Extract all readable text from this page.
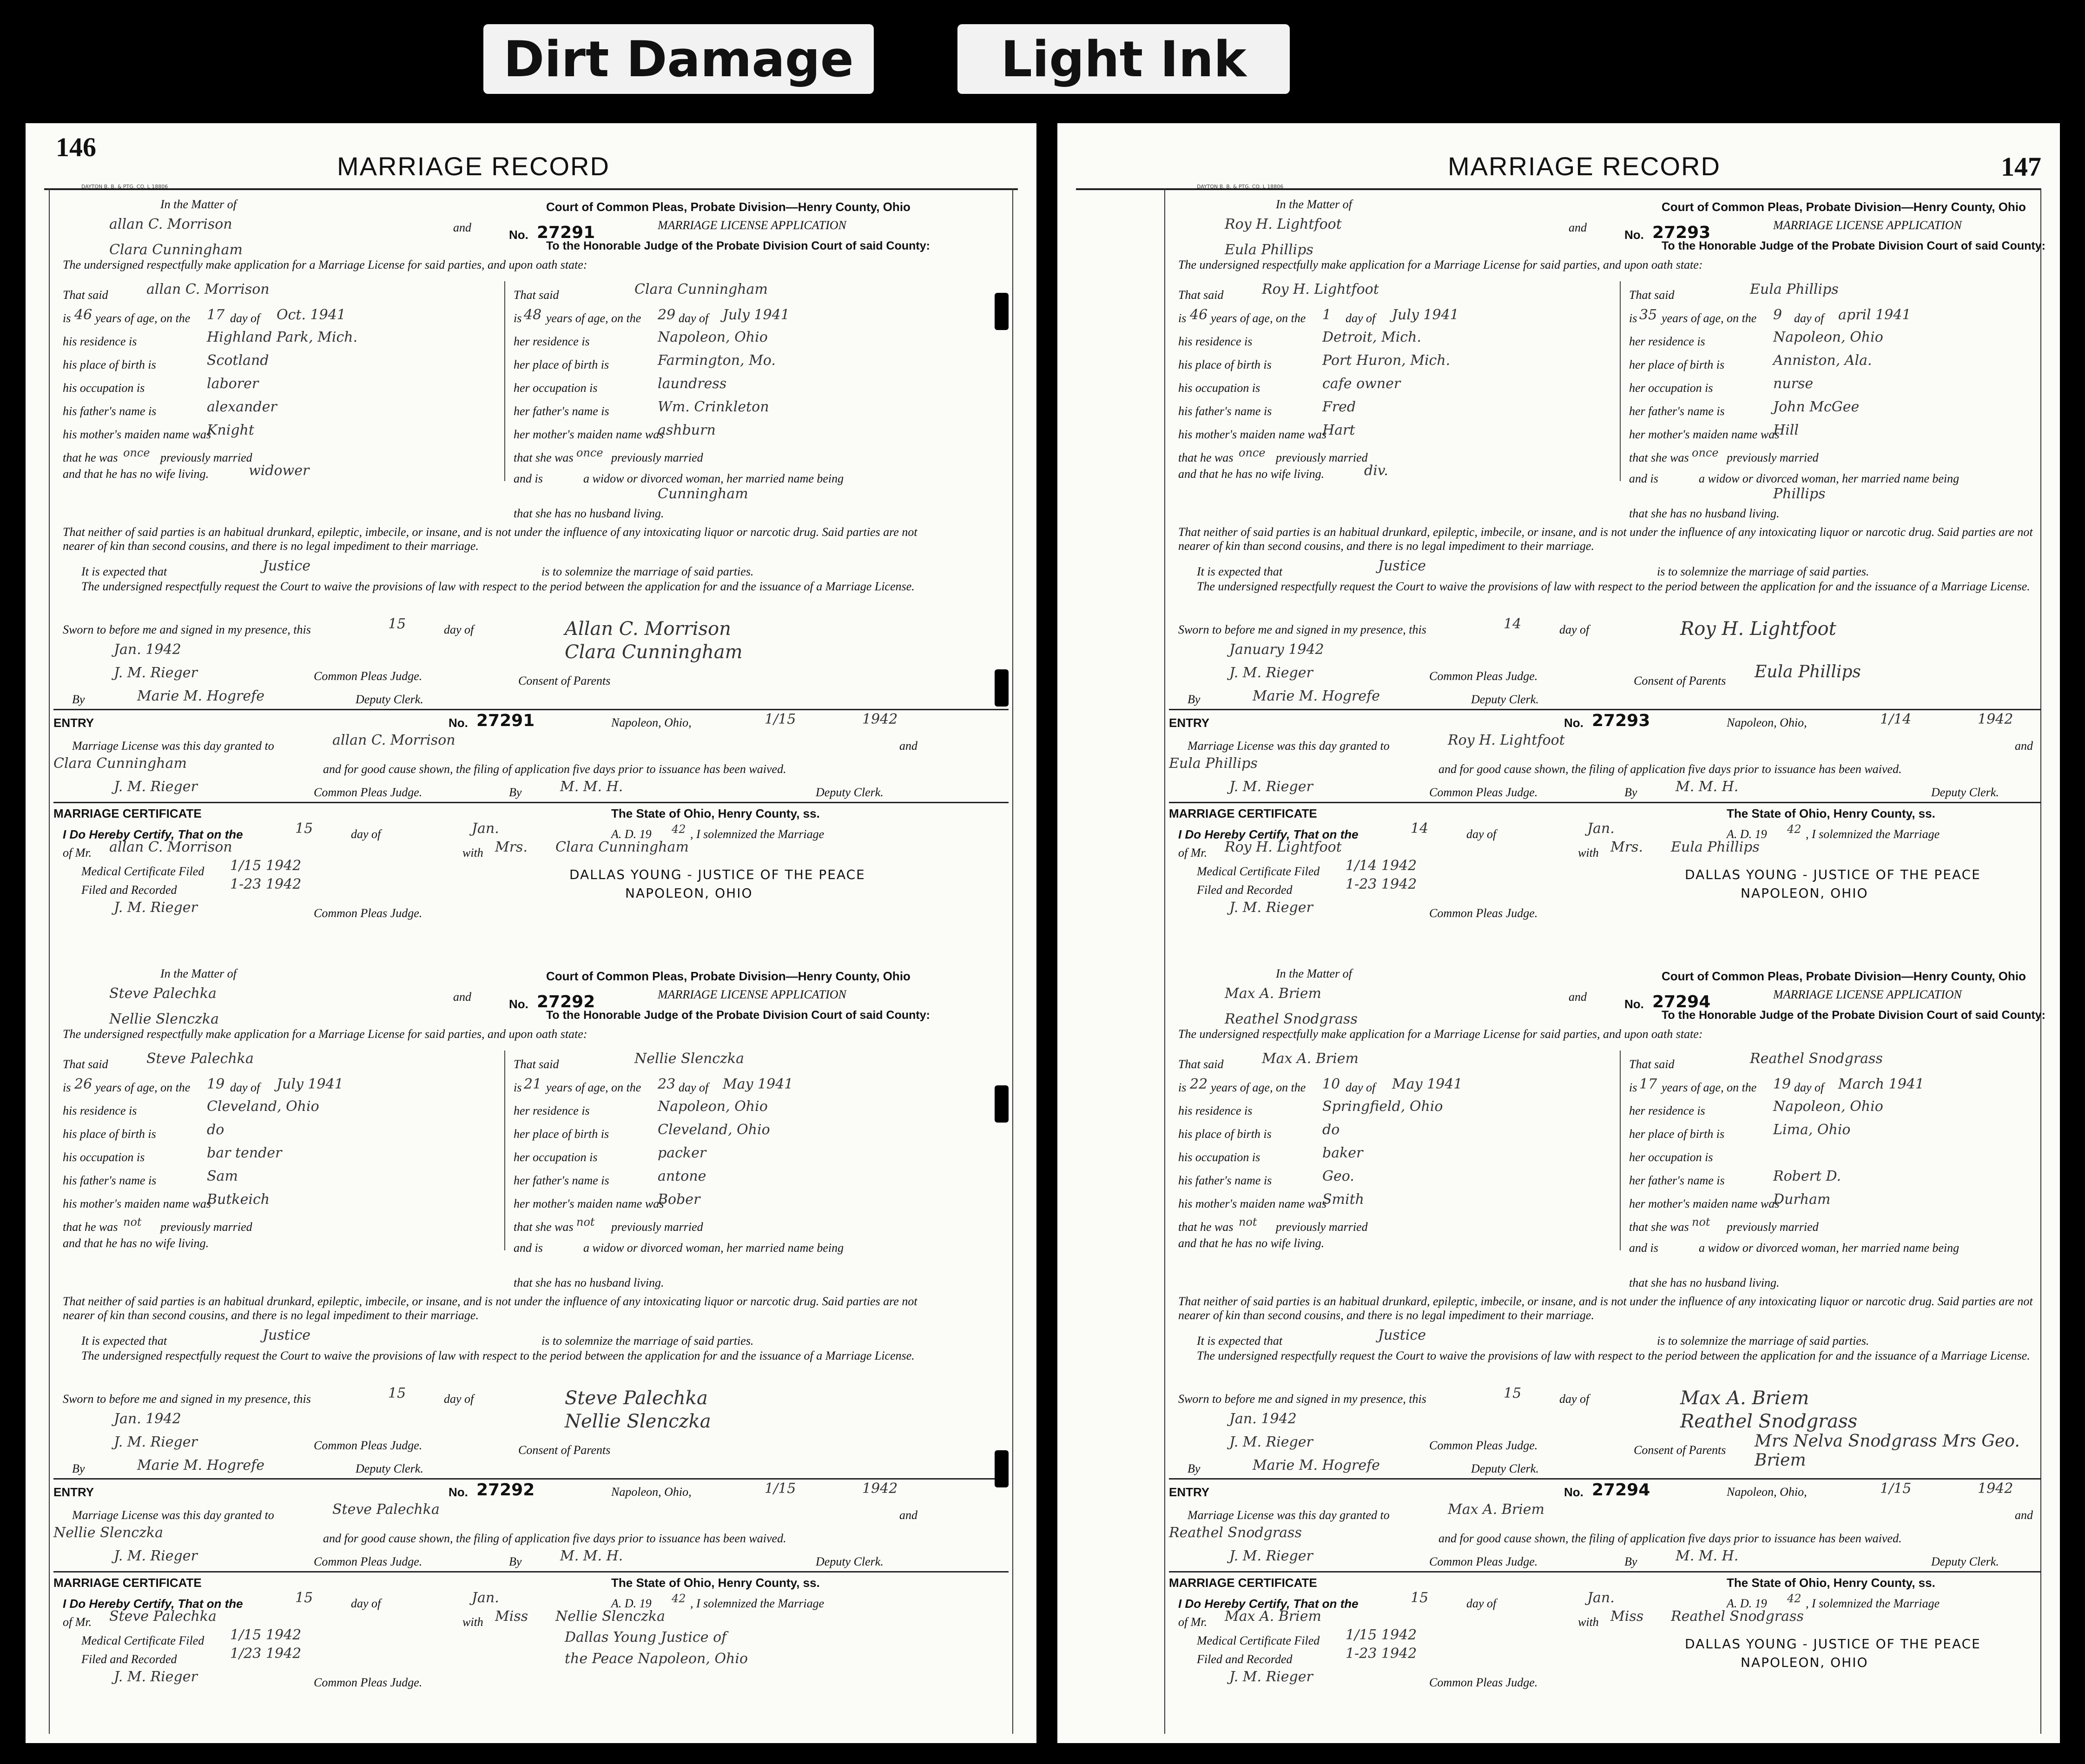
Dirt Damage	Light Ink
146
MARRIAGE RECORD
DAYTON B. B. & PTG. CO. L 18806
In the Matter of
allan C. Morrison	and
Clara Cunningham
No. 27291
Court of Common Pleas, Probate Division—Henry County, Ohio
MARRIAGE LICENSE APPLICATION
To the Honorable Judge of the Probate Division Court of said County:
The undersigned respectfully make application for a Marriage License for said parties, and upon oath state:
That said	allan C. Morrison
is 46 years of age, on the	17 day of	Oct. 1941
his residence is	Highland Park, Mich.
his place of birth is	Scotland
his occupation is	laborer
his father's name is	alexander
his mother's maiden name was
Knight
that he was once previously married
and that he has no wife living.	widower
That said	Clara Cunningham
is 48 years of age, on the	29 day of	July 1941
her residence is	Napoleon, Ohio
her place of birth is	Farmington, Mo.
her occupation is	laundress
her father's name is	Wm. Crinkleton
her mother's maiden name was
ashburn
that she was once previously married
and is	a widow or divorced woman, her married name being
Cunningham
that she has no husband living.
That neither of said parties is an habitual drunkard, epileptic, imbecile, or insane, and is not under the influence of any intoxicating liquor or narcotic drug. Said parties are not nearer of kin than second cousins, and there is no legal impediment to their marriage.
It is expected that	Justice	is to solemnize the marriage of said parties.
The undersigned respectfully request the Court to waive the provisions of law with respect to the period between the application for and the issuance of a Marriage License.
Sworn to before me and signed in my presence, this	15	day of
Jan. 1942
J. M. Rieger	Common Pleas Judge.
Marie M. Hogrefe
By	Deputy Clerk.
Allan C. Morrison
Clara Cunningham
Consent of Parents
ENTRY	No. 27291	Napoleon, Ohio,	1/15	1942
Marriage License was this day granted to	allan C. Morrison	and
Clara Cunningham	and for good cause shown, the filing of application five days prior to issuance has been waived.
J. M. Rieger	Common Pleas Judge.	By	M. M. H.	Deputy Clerk.
MARRIAGE CERTIFICATE	The State of Ohio, Henry County, ss.
I Do Hereby Certify, That on the	15	day of	Jan.	A. D. 19	42 , I solemnized the Marriage
of Mr.	allan C. Morrison	with Mrs. Clara Cunningham
Medical Certificate Filed	1/15 1942
Filed and Recorded	1-23 1942
J. M. Rieger	Common Pleas Judge.
DALLAS YOUNG - JUSTICE OF THE PEACE
NAPOLEON, OHIO
In the Matter of
Steve Palechka	and
Nellie Slenczka
No. 27292
Court of Common Pleas, Probate Division—Henry County, Ohio
MARRIAGE LICENSE APPLICATION
To the Honorable Judge of the Probate Division Court of said County:
The undersigned respectfully make application for a Marriage License for said parties, and upon oath state:
That said	Steve Palechka
is 26 years of age, on the	19 day of	July 1941
his residence is	Cleveland, Ohio
his place of birth is	do
his occupation is	bar tender
his father's name is	Sam
his mother's maiden name was
Butkeich
that he was not previously married
and that he has no wife living.
That said	Nellie Slenczka
is 21 years of age, on the	23 day of	May 1941
her residence is	Napoleon, Ohio
her place of birth is	Cleveland, Ohio
her occupation is	packer
her father's name is	antone
her mother's maiden name was
Bober
that she was not previously married
and is	a widow or divorced woman, her married name being
that she has no husband living.
That neither of said parties is an habitual drunkard, epileptic, imbecile, or insane, and is not under the influence of any intoxicating liquor or narcotic drug. Said parties are not nearer of kin than second cousins, and there is no legal impediment to their marriage.
It is expected that	Justice	is to solemnize the marriage of said parties.
The undersigned respectfully request the Court to waive the provisions of law with respect to the period between the application for and the issuance of a Marriage License.
Sworn to before me and signed in my presence, this	15	day of
Jan. 1942
J. M. Rieger	Common Pleas Judge.
Marie M. Hogrefe
By	Deputy Clerk.
Steve Palechka
Nellie Slenczka
Consent of Parents
ENTRY	No. 27292	Napoleon, Ohio,	1/15	1942
Marriage License was this day granted to	Steve Palechka	and
Nellie Slenczka	and for good cause shown, the filing of application five days prior to issuance has been waived.
J. M. Rieger	Common Pleas Judge.	By	M. M. H.	Deputy Clerk.
MARRIAGE CERTIFICATE	The State of Ohio, Henry County, ss.
I Do Hereby Certify, That on the	15	day of	Jan.	A. D. 19	42 , I solemnized the Marriage
of Mr.	Steve Palechka	with Miss Nellie Slenczka
Medical Certificate Filed	1/15 1942
Filed and Recorded	1/23 1942
J. M. Rieger	Common Pleas Judge.
Dallas Young Justice of the Peace Napoleon, Ohio
MARRIAGE RECORD	147
DAYTON B. B. & PTG. CO. L 18806
In the Matter of
Roy H. Lightfoot	and
Eula Phillips
No. 27293
Court of Common Pleas, Probate Division—Henry County, Ohio
MARRIAGE LICENSE APPLICATION
To the Honorable Judge of the Probate Division Court of said County:
The undersigned respectfully make application for a Marriage License for said parties, and upon oath state:
That said	Roy H. Lightfoot
is 46 years of age, on the	1 day of	July 1941
his residence is	Detroit, Mich.
his place of birth is	Port Huron, Mich.
his occupation is	cafe owner
his father's name is	Fred
his mother's maiden name was
Hart
that he was once previously married
and that he has no wife living.	div.
That said	Eula Phillips
is 35 years of age, on the	9 day of	april 1941
her residence is	Napoleon, Ohio
her place of birth is	Anniston, Ala.
her occupation is	nurse
her father's name is	John McGee
her mother's maiden name was
Hill
that she was once previously married
and is	a widow or divorced woman, her married name being
Phillips
that she has no husband living.
That neither of said parties is an habitual drunkard, epileptic, imbecile, or insane, and is not under the influence of any intoxicating liquor or narcotic drug. Said parties are not nearer of kin than second cousins, and there is no legal impediment to their marriage.
It is expected that	Justice	is to solemnize the marriage of said parties.
The undersigned respectfully request the Court to waive the provisions of law with respect to the period between the application for and the issuance of a Marriage License.
Sworn to before me and signed in my presence, this	14	day of
January 1942
J. M. Rieger	Common Pleas Judge.
Marie M. Hogrefe
By	Deputy Clerk.
Roy H. Lightfoot
Consent of Parents	Eula Phillips
ENTRY	No. 27293	Napoleon, Ohio,	1/14	1942
Marriage License was this day granted to	Roy H. Lightfoot	and
Eula Phillips	and for good cause shown, the filing of application five days prior to issuance has been waived.
J. M. Rieger	Common Pleas Judge.	By	M. M. H.	Deputy Clerk.
MARRIAGE CERTIFICATE	The State of Ohio, Henry County, ss.
I Do Hereby Certify, That on the	14	day of	Jan.	A. D. 19	42 , I solemnized the Marriage
of Mr.	Roy H. Lightfoot	with Mrs. Eula Phillips
Medical Certificate Filed	1/14 1942
Filed and Recorded	1-23 1942
J. M. Rieger	Common Pleas Judge.
DALLAS YOUNG - JUSTICE OF THE PEACE
NAPOLEON, OHIO
In the Matter of
Max A. Briem	and
Reathel Snodgrass
No. 27294
Court of Common Pleas, Probate Division—Henry County, Ohio
MARRIAGE LICENSE APPLICATION
To the Honorable Judge of the Probate Division Court of said County:
The undersigned respectfully make application for a Marriage License for said parties, and upon oath state:
That said	Max A. Briem
is 22 years of age, on the	10 day of	May 1941
his residence is	Springfield, Ohio
his place of birth is	do
his occupation is	baker
his father's name is	Geo.
his mother's maiden name was
Smith
that he was not previously married
and that he has no wife living.
That said	Reathel Snodgrass
is 17 years of age, on the	19 day of	March 1941
her residence is	Napoleon, Ohio
her place of birth is	Lima, Ohio
her occupation is
her father's name is	Robert D.
her mother's maiden name was
Durham
that she was not previously married
and is	a widow or divorced woman, her married name being
that she has no husband living.
That neither of said parties is an habitual drunkard, epileptic, imbecile, or insane, and is not under the influence of any intoxicating liquor or narcotic drug. Said parties are not nearer of kin than second cousins, and there is no legal impediment to their marriage.
It is expected that	Justice	is to solemnize the marriage of said parties.
The undersigned respectfully request the Court to waive the provisions of law with respect to the period between the application for and the issuance of a Marriage License.
Sworn to before me and signed in my presence, this	15	day of
Jan. 1942
J. M. Rieger	Common Pleas Judge.
Marie M. Hogrefe
By	Deputy Clerk.
Max A. Briem
Reathel Snodgrass
Consent of Parents	Mrs Nelva Snodgrass Mrs Geo. Briem
ENTRY	No. 27294	Napoleon, Ohio,	1/15	1942
Marriage License was this day granted to	Max A. Briem	and
Reathel Snodgrass	and for good cause shown, the filing of application five days prior to issuance has been waived.
J. M. Rieger	Common Pleas Judge.	By	M. M. H.	Deputy Clerk.
MARRIAGE CERTIFICATE	The State of Ohio, Henry County, ss.
I Do Hereby Certify, That on the	15	day of	Jan.	A. D. 19	42 , I solemnized the Marriage
of Mr.	Max A. Briem	with Miss Reathel Snodgrass
Medical Certificate Filed	1/15 1942
Filed and Recorded	1-23 1942
J. M. Rieger	Common Pleas Judge.
DALLAS YOUNG - JUSTICE OF THE PEACE
NAPOLEON, OHIO
